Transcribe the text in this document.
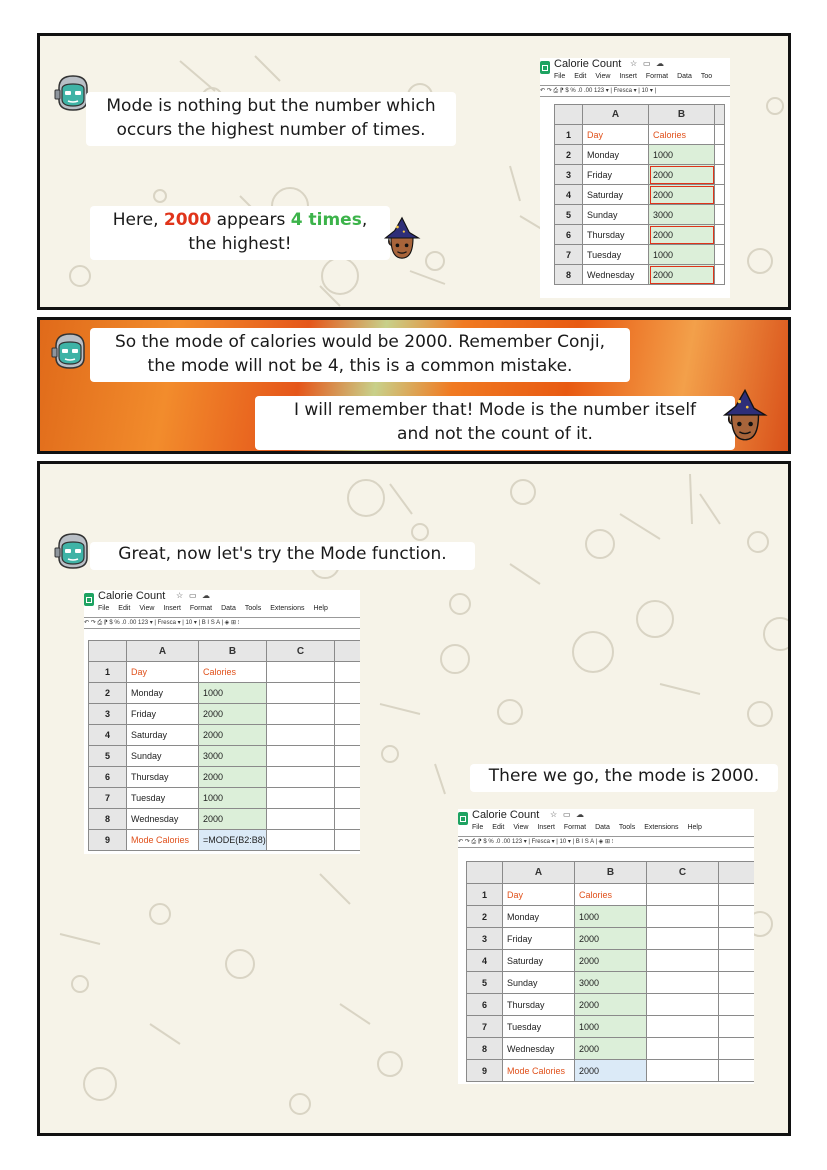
Mode is nothing but the number which
occurs the highest number of times.
Here, 2000 appears 4 times,
the highest!
Calorie Count ☆ ▭ ☁
File Edit View Insert Format Data Too
↶ ↷ ⎙ ⁋ $ % .0 .00 123 ▾ | Fresca ▾ | 10 ▾ |
	A	B	
1	Day	Calories	
2	Monday	1000	
3	Friday	2000	
4	Saturday	2000	
5	Sunday	3000	
6	Thursday	2000	
7	Tuesday	1000	
8	Wednesday	2000	
So the mode of calories would be 2000. Remember Conji,
the mode will not be 4, this is a common mistake.
I will remember that! Mode is the number itself
and not the count of it.
Great, now let's try the Mode function.
Calorie Count ☆ ▭ ☁
File Edit View Insert Format Data Tools Extensions Help
↶ ↷ ⎙ ⁋ $ % .0 .00 123 ▾ | Fresca ▾ | 10 ▾ | B I S A | ◈ ⊞ ⁝
	A	B	C	
1	Day	Calories		
2	Monday	1000		
3	Friday	2000		
4	Saturday	2000		
5	Sunday	3000		
6	Thursday	2000		
7	Tuesday	1000		
8	Wednesday	2000		
9	Mode Calories	=MODE(B2:B8)		
There we go, the mode is 2000.
Calorie Count ☆ ▭ ☁
File Edit View Insert Format Data Tools Extensions Help
↶ ↷ ⎙ ⁋ $ % .0 .00 123 ▾ | Fresca ▾ | 10 ▾ | B I S A | ◈ ⊞ ⁝
	A	B	C	
1	Day	Calories		
2	Monday	1000		
3	Friday	2000		
4	Saturday	2000		
5	Sunday	3000		
6	Thursday	2000		
7	Tuesday	1000		
8	Wednesday	2000		
9	Mode Calories	2000		
